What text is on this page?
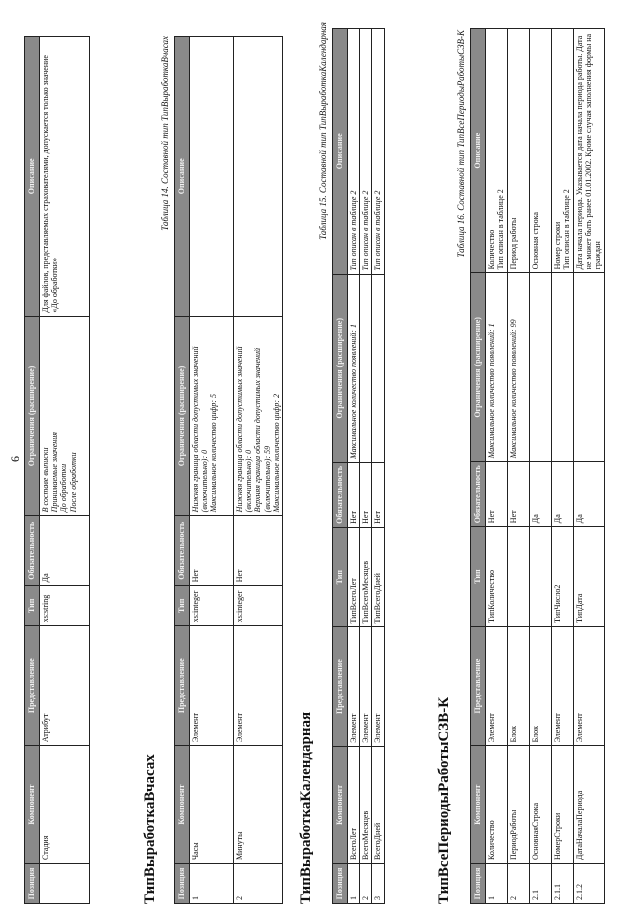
6
Позиция	Компонент	Представление	Тип	Обязательность	Ограничения (расширение)	Описание
	Стадия	Атрибут	xs:string	Да	В составе выписки
Принимаемые значения
До обработки
После обработки	Для файлов, представляемых страхователями, допускается только значение «До обработки»
ТипВыработкаВчасах
Таблица 14. Составной тип ТипВыработкаВчасах
Позиция	Компонент	Представление	Тип	Обязательность	Ограничения (расширение)	Описание
1	Часы	Элемент	xs:integer	Нет	Нижняя граница области допустимых значений (включительно): 0
Максимальное количество цифр: 5	
2	Минуты	Элемент	xs:integer	Нет	Нижняя граница области допустимых значений (включительно): 0
Верхняя граница области допустимых значений (включительно): 59
Максимальное количество цифр: 2	
ТипВыработкаКалендарная
Таблица 15. Составной тип ТипВыработкаКалендарная
Позиция	Компонент	Представление	Тип	Обязательность	Ограничения (расширение)	Описание
1	ВсегоЛет	Элемент	ТипВсегоЛет	Нет	Максимальное количество появлений: 1	Тип описан в таблице 2
2	ВсегоМесяцев	Элемент	ТипВсегоМесяцев	Нет		Тип описан в таблице 2
3	ВсегоДней	Элемент	ТипВсегоДней	Нет		Тип описан в таблице 2
ТипВсеПериодыРаботыСЗВ-К
Таблица 16. Составной тип ТипВсеПериодыРаботыСЗВ-К
Позиция	Компонент	Представление	Тип	Обязательность	Ограничения (расширение)	Описание
1	Количество	Элемент	ТипКоличество	Нет	Максимальное количество появлений: 1	Количество
Тип описан в таблице 2
2	ПериодРаботы	Блок		Нет	Максимальное количество появлений: 99	Период работы
2.1	ОсновнаяСтрока	Блок		Да		Основная строка
2.1.1	НомерСтроки	Элемент	ТипЧисло2	Да		Номер строки
Тип описан в таблице 2
2.1.2	ДатаНачалаПериода	Элемент	ТипДата	Да		Дата начала периода. Указывается дата начала периода работы. Дата не может быть ранее 01.01.2002. Кроме случая заполнения формы на граждан
